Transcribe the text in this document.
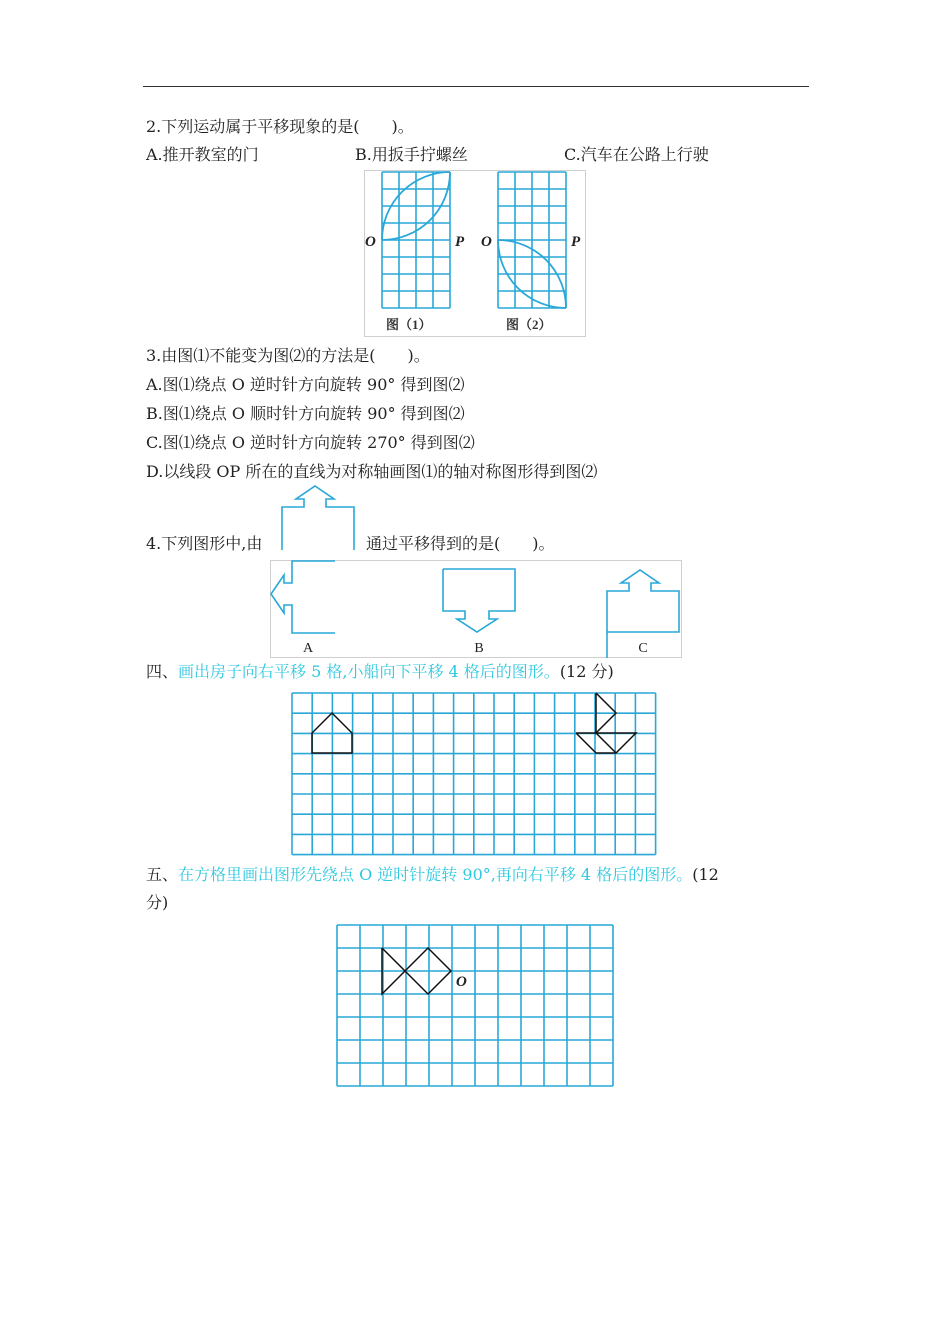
2.下列运动属于平移现象的是(　　)。
A.推开教室的门	B.用扳手拧螺丝	C.汽车在公路上行驶
O	P O	P
图（1）	图（2）
3.由图⑴不能变为图⑵的方法是(　　)。
A.图⑴绕点 O 逆时针方向旋转 90° 得到图⑵
B.图⑴绕点 O 顺时针方向旋转 90° 得到图⑵
C.图⑴绕点 O 逆时针方向旋转 270° 得到图⑵
D.以线段 OP 所在的直线为对称轴画图⑴的轴对称图形得到图⑵
4.下列图形中,由	通过平移得到的是(　　)。
A	B	C
四、画出房子向右平移 5 格,小船向下平移 4 格后的图形。(12 分)
五、在方格里画出图形先绕点 O 逆时针旋转 90°,再向右平移 4 格后的图形。(12
分)
O
